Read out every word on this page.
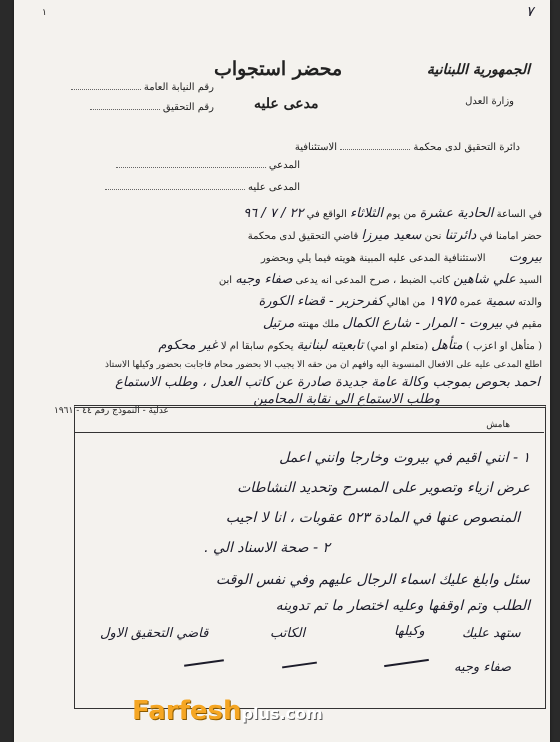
١	٧
الجمهورية اللبنانية
وزارة العدل
محضر استجواب
مدعى عليه
رقم النيابة العامة
رقم التحقيق
دائرة التحقيق لدى محكمة  الاستئنافية
المدعي
المدعى عليه
في الساعة الحادية عشرة من يوم الثلاثاء الواقع في ٢٢ / ٧ / ٩٦
حضر امامنا في دائرتنا نحن سعيد ميرزا قاضي التحقيق لدى محكمة
بيروت الاستئنافية المدعى عليه المبينة هويته فيما يلي وبحضور
السيد علي شاهين كاتب الضبط ، صرح المدعى انه يدعى صفاء وجيه ابن
والدته سمية عمره ١٩٧٥ من اهالي كفرحزير - قضاء الكورة
مقيم في بيروت - المرار - شارع الكمال ملك مهنته مرتيل
( متأهل او اعزب ) متأهل (متعلم او امي) تابعيته لبنانية يحكوم سابقا ام لا غير محكوم
اطلع المدعى عليه على الافعال المنسوبة اليه وافهم ان من حقه الا يجيب الا بحضور محام فاجابت بحضور وكيلها الاستاذ
احمد بحوص بموجب وكالة عامة جديدة صادرة عن كاتب العدل ، وطلب الاستماع
وطلب الاستماع الى نقابة المحامين
عدلية - النموذج رقم ٤٤ - ١٩٦١
هامش
١ - انني اقيم في بيروت وخارجا وانني اعمل
عرض ازياء وتصوير على المسرح وتحديد النشاطات
المنصوص عنها في المادة ٥٢٣ عقوبات ، انا لا اجيب
٢ - صحة الاسناد الي .
سئل وابلغ عليك اسماء الرجال عليهم وفي نفس الوقت
الطلب وتم اوقفها وعليه اختصار ما تم تدوينه
قاضي التحقيق الاول	الكاتب	وكيلها	ستهد عليك
صفاء وجيه
Farfeshplus.com
